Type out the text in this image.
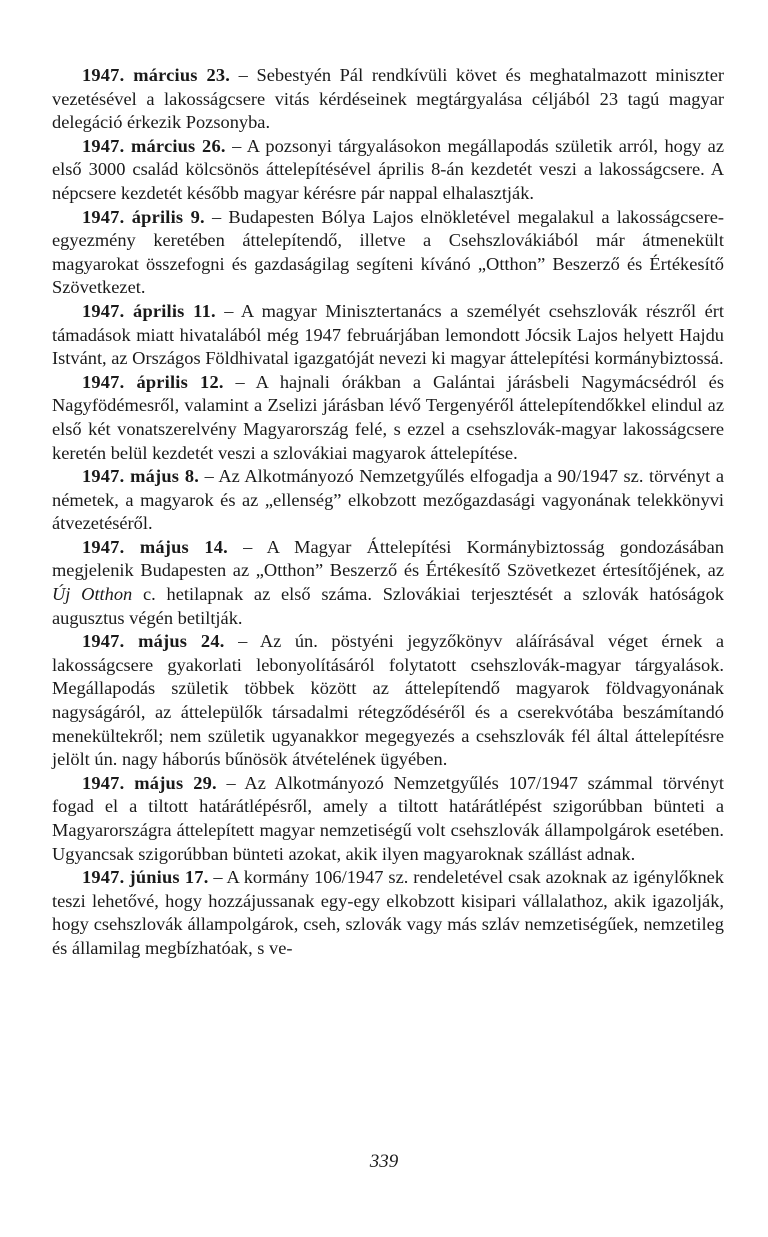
1947. március 23. – Sebestyén Pál rendkívüli követ és meghatalmazott miniszter vezetésével a lakosságcsere vitás kérdéseinek megtárgyalása céljából 23 tagú magyar delegáció érkezik Pozsonyba.

1947. március 26. – A pozsonyi tárgyalásokon megállapodás születik arról, hogy az első 3000 család kölcsönös áttelepítésével április 8-án kezdetét veszi a lakosságcsere. A népcsere kezdetét később magyar kérésre pár nappal elhalasztják.

1947. április 9. – Budapesten Bólya Lajos elnökletével megalakul a lakosságcsere-egyezmény keretében áttelepítendő, illetve a Csehszlovákiából már átmenekült magyarokat összefogni és gazdaságilag segíteni kívánó „Otthon” Beszerző és Értékesítő Szövetkezet.

1947. április 11. – A magyar Minisztertanács a személyét csehszlovák részről ért támadások miatt hivatalából még 1947 februárjában lemondott Jócsik Lajos helyett Hajdu Istvánt, az Országos Földhivatal igazgatóját nevezi ki magyar áttelepítési kormánybiztossá.

1947. április 12. – A hajnali órákban a Galántai járásbeli Nagymácsédról és Nagyfödémesről, valamint a Zselizi járásban lévő Tergenyéről áttelepítendőkkel elindul az első két vonatszerelvény Magyarország felé, s ezzel a csehszlovák-magyar lakosságcsere keretén belül kezdetét veszi a szlovákiai magyarok áttelepítése.

1947. május 8. – Az Alkotmányozó Nemzetgyűlés elfogadja a 90/1947 sz. törvényt a németek, a magyarok és az „ellenség” elkobzott mezőgazdasági vagyonának telekkönyvi átvezetéséről.

1947. május 14. – A Magyar Áttelepítési Kormánybiztosság gondozásában megjelenik Budapesten az „Otthon” Beszerző és Értékesítő Szövetkezet értesítőjének, az Új Otthon c. hetilapnak az első száma. Szlovákiai terjesztését a szlovák hatóságok augusztus végén betiltják.

1947. május 24. – Az ún. pöstyéni jegyzőkönyv aláírásával véget érnek a lakosságcsere gyakorlati lebonyolításáról folytatott csehszlovák-magyar tárgyalások. Megállapodás születik többek között az áttelepítendő magyarok földvagyonának nagyságáról, az áttelepülők társadalmi rétegződéséről és a cserekvótába beszámítandó menekültekről; nem születik ugyanakkor megegyezés a csehszlovák fél által áttelepítésre jelölt ún. nagy háborús bűnösök átvételének ügyében.

1947. május 29. – Az Alkotmányozó Nemzetgyűlés 107/1947 számmal törvényt fogad el a tiltott határátlépésről, amely a tiltott határátlépést szigorúbban bünteti a Magyarországra áttelepített magyar nemzetiségű volt csehszlovák állampolgárok esetében. Ugyancsak szigorúbban bünteti azokat, akik ilyen magyaroknak szállást adnak.

1947. június 17. – A kormány 106/1947 sz. rendeletével csak azoknak az igénylőknek teszi lehetővé, hogy hozzájussanak egy-egy elkobzott kisipari vállalathoz, akik igazolják, hogy csehszlovák állampolgárok, cseh, szlovák vagy más szláv nemzetiségűek, nemzetileg és államilag megbízhatóak, s ve-

339
